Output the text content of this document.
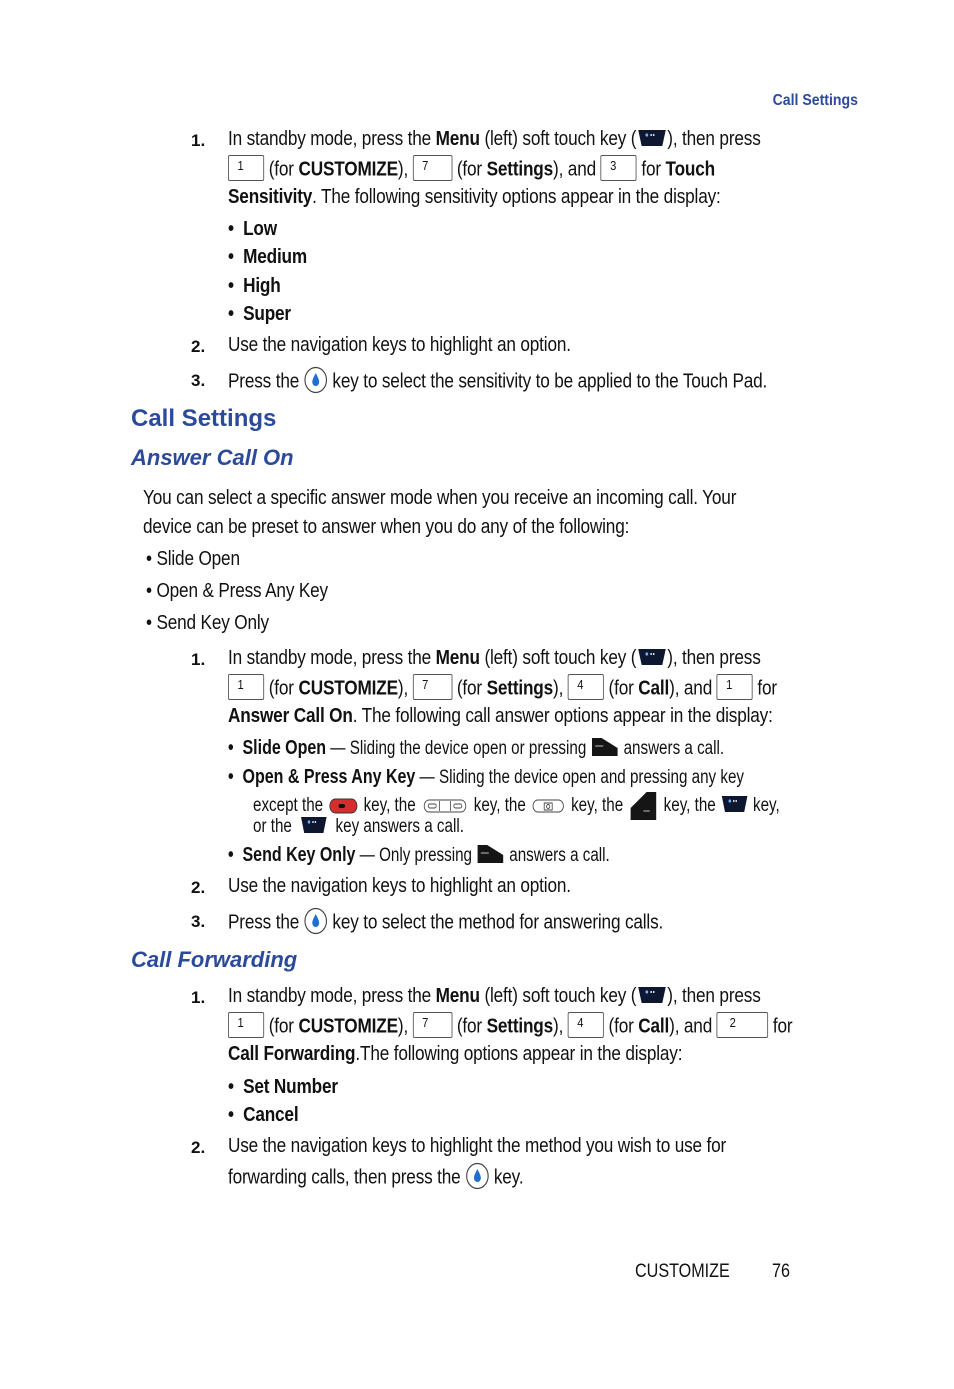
Call Settings
1. In standby mode, press the Menu (left) soft touch key ( ), then press
1 (for CUSTOMIZE), 7 (for Settings), and 3 for Touch
Sensitivity. The following sensitivity options appear in the display:
•  Low
•  Medium
•  High
•  Super
2. Use the navigation keys to highlight an option.
3. Press the  key to select the sensitivity to be applied to the Touch Pad.
Call Settings
Answer Call On
You can select a specific answer mode when you receive an incoming call. Your
device can be preset to answer when you do any of the following:
• Slide Open
• Open & Press Any Key
• Send Key Only
1. In standby mode, press the Menu (left) soft touch key ( ), then press
1 (for CUSTOMIZE), 7 (for Settings), 4 (for Call), and 1 for
Answer Call On. The following call answer options appear in the display:
•  Slide Open — Sliding the device open or pressing  answers a call.
•  Open & Press Any Key — Sliding the device open and pressing any key
except the  key, the	key, the  key, the  key, the  key,
or the  key answers a call.
•  Send Key Only — Only pressing  answers a call.
2. Use the navigation keys to highlight an option.
3. Press the  key to select the method for answering calls.
Call Forwarding
1. In standby mode, press the Menu (left) soft touch key ( ), then press
1 (for CUSTOMIZE), 7 (for Settings), 4 (for Call), and 2 for
Call Forwarding.The following options appear in the display:
•  Set Number
•  Cancel
2. Use the navigation keys to highlight the method you wish to use for
forwarding calls, then press the  key.
CUSTOMIZE 76
